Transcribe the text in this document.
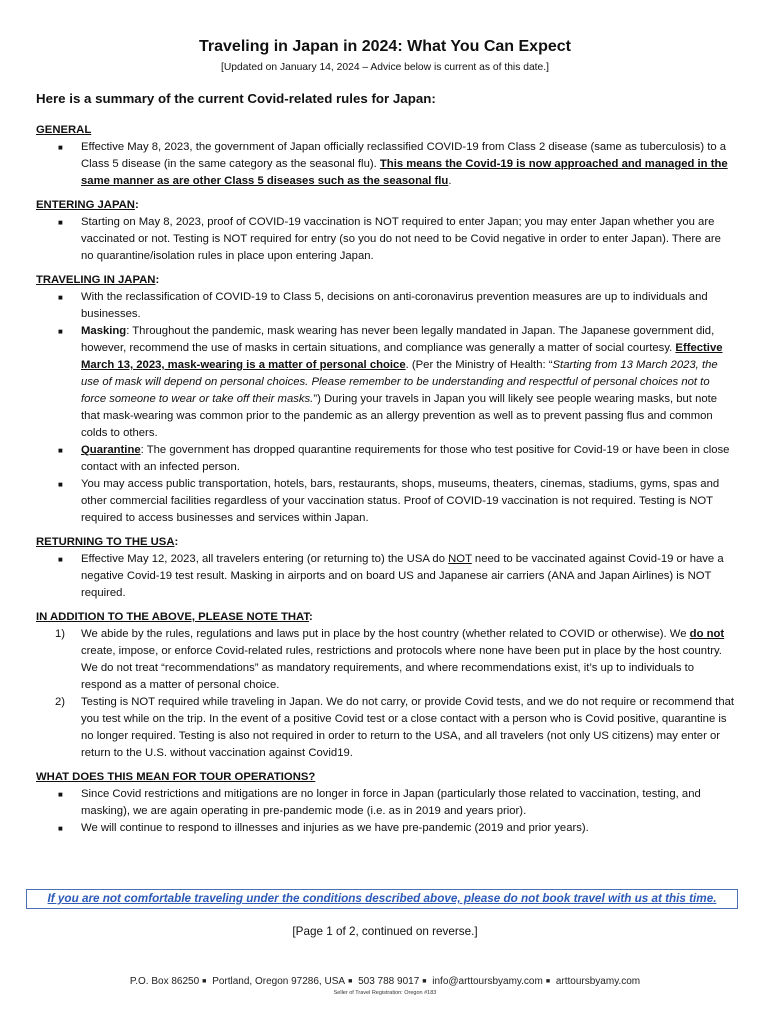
Traveling in Japan in 2024: What You Can Expect
[Updated on January 14, 2024 – Advice below is current as of this date.]
Here is a summary of the current Covid-related rules for Japan:
GENERAL
■ Effective May 8, 2023, the government of Japan officially reclassified COVID-19 from Class 2 disease (same as tuberculosis) to a Class 5 disease (in the same category as the seasonal flu). This means the Covid-19 is now approached and managed in the same manner as are other Class 5 diseases such as the seasonal flu.
ENTERING JAPAN:
■ Starting on May 8, 2023, proof of COVID-19 vaccination is NOT required to enter Japan; you may enter Japan whether you are vaccinated or not. Testing is NOT required for entry (so you do not need to be Covid negative in order to enter Japan). There are no quarantine/isolation rules in place upon entering Japan.
TRAVELING IN JAPAN:
■ With the reclassification of COVID-19 to Class 5, decisions on anti-coronavirus prevention measures are up to individuals and businesses.
■ Masking: Throughout the pandemic, mask wearing has never been legally mandated in Japan. The Japanese government did, however, recommend the use of masks in certain situations, and compliance was generally a matter of social courtesy. Effective March 13, 2023, mask-wearing is a matter of personal choice. (Per the Ministry of Health: “Starting from 13 March 2023, the use of mask will depend on personal choices. Please remember to be understanding and respectful of personal choices not to force someone to wear or take off their masks.”) During your travels in Japan you will likely see people wearing masks, but note that mask-wearing was common prior to the pandemic as an allergy prevention as well as to prevent passing flus and common colds to others.
■ Quarantine: The government has dropped quarantine requirements for those who test positive for Covid-19 or have been in close contact with an infected person.
■ You may access public transportation, hotels, bars, restaurants, shops, museums, theaters, cinemas, stadiums, gyms, spas and other commercial facilities regardless of your vaccination status. Proof of COVID-19 vaccination is not required. Testing is NOT required to access businesses and services within Japan.
RETURNING TO THE USA:
■ Effective May 12, 2023, all travelers entering (or returning to) the USA do NOT need to be vaccinated against Covid-19 or have a negative Covid-19 test result. Masking in airports and on board US and Japanese air carriers (ANA and Japan Airlines) is NOT required.
IN ADDITION TO THE ABOVE, PLEASE NOTE THAT:
1) We abide by the rules, regulations and laws put in place by the host country (whether related to COVID or otherwise). We do not create, impose, or enforce Covid-related rules, restrictions and protocols where none have been put in place by the host country. We do not treat “recommendations” as mandatory requirements, and where recommendations exist, it’s up to individuals to respond as a matter of personal choice.
2) Testing is NOT required while traveling in Japan. We do not carry, or provide Covid tests, and we do not require or recommend that you test while on the trip. In the event of a positive Covid test or a close contact with a person who is Covid positive, quarantine is no longer required. Testing is also not required in order to return to the USA, and all travelers (not only US citizens) may enter or return to the U.S. without vaccination against Covid19.
WHAT DOES THIS MEAN FOR TOUR OPERATIONS?
■ Since Covid restrictions and mitigations are no longer in force in Japan (particularly those related to vaccination, testing, and masking), we are again operating in pre-pandemic mode (i.e. as in 2019 and years prior).
■ We will continue to respond to illnesses and injuries as we have pre-pandemic (2019 and prior years).
If you are not comfortable traveling under the conditions described above, please do not book travel with us at this time.
[Page 1 of 2, continued on reverse.]
P.O. Box 86250 ■ Portland, Oregon 97286, USA ■ 503 788 9017 ■ info@arttoursbyamy.com ■ arttoursbyamy.com
Seller of Travel Registration: Oregon #183
